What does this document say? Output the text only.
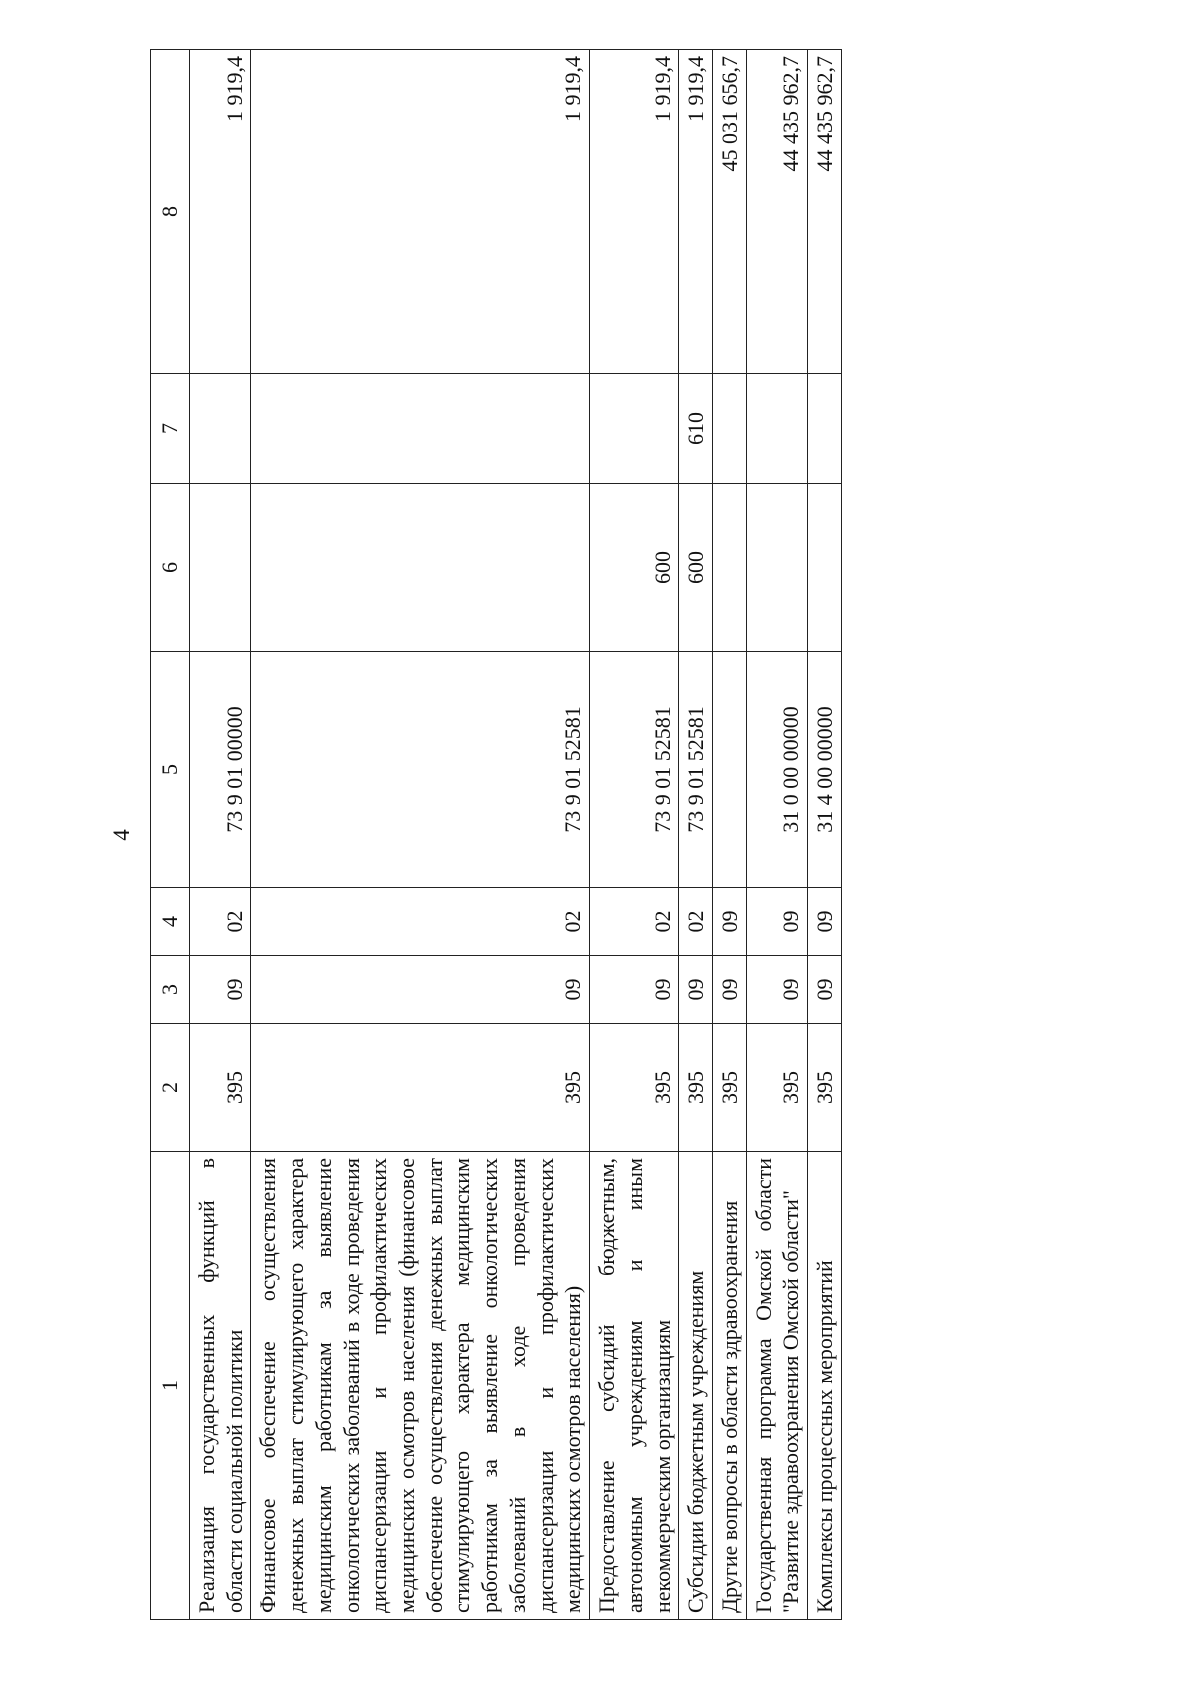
4
1	2	3	4	5	6	7	8
Реализация государственных функций в области социальной политики	395	09	02	73 9 01 00000			1 919,4
Финансовое обеспечение осуществления денежных выплат стимулирующего характера медицинским работникам за выявление онкологических заболеваний в ходе проведения диспансеризации и профилактических медицинских осмотров населения (финансовое обеспечение осуществления денежных выплат стимулирующего характера медицинским работникам за выявление онкологических заболеваний в ходе проведения диспансеризации и профилактических медицинских осмотров населения)	395	09	02	73 9 01 52581			1 919,4
Предоставление субсидий бюджетным, автономным учреждениям и иным некоммерческим организациям	395	09	02	73 9 01 52581	600		1 919,4
Субсидии бюджетным учреждениям	395	09	02	73 9 01 52581	600	610	1 919,4
Другие вопросы в области здравоохранения	395	09	09				45 031 656,7
Государственная программа Омской области "Развитие здравоохранения Омской области"	395	09	09	31 0 00 00000			44 435 962,7
Комплексы процессных мероприятий	395	09	09	31 4 00 00000			44 435 962,7
